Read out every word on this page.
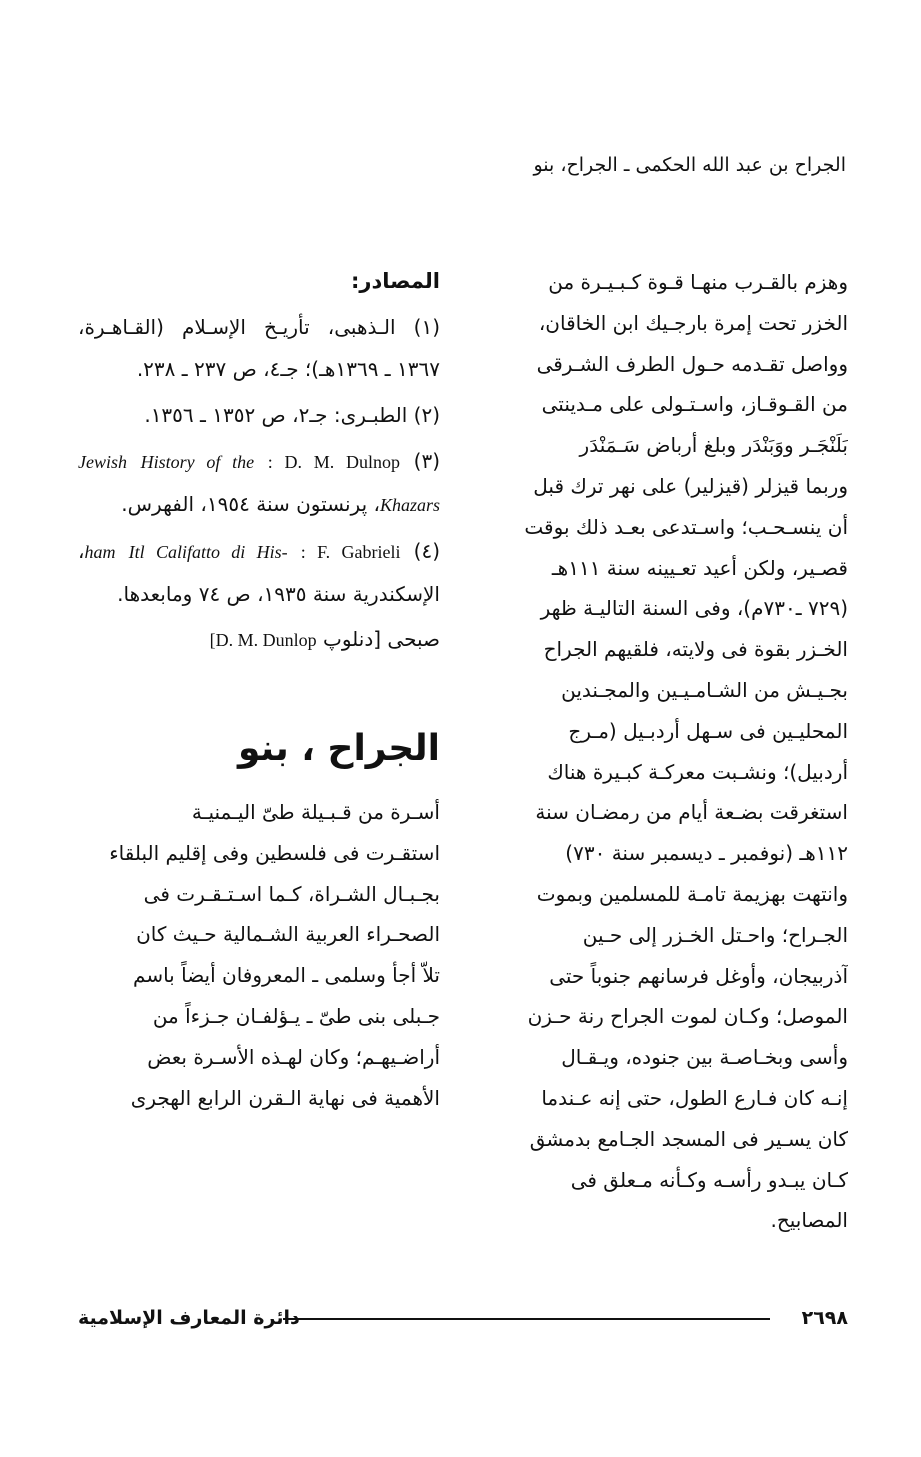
الجراح بن عبد الله الحكمى ـ الجراح، بنو
وهزم بالقـرب منهـا قـوة كـبـيـرة من
الخزر تحت إمرة بارجـيك ابن الخاقان،
وواصل تقـدمه حـول الطرف الشـرقى
من القـوقـاز، واسـتـولى على مـدينتى
بَلَنْجَـر ووَبَنْدَر وبلغ أرباض سَـمَنْدَر
وربما قيزلر (قيزلير) على نهر ترك قبل
أن ينسـحـب؛ واسـتدعى بعـد ذلك بوقت
قصـير، ولكن أعيد تعـيينه سنة ١١١هـ
(٧٢٩ ـ٧٣٠م)، وفى السنة التاليـة ظهر
الخـزر بقوة فى ولايته، فلقيهم الجراح
بجـيـش من الشـامـيـين والمجـندين
المحليـين فى سـهل أردبـيل (مـرج
أردبيل)؛ ونشـبت معركـة كبـيرة هناك
استغرقت بضـعة أيام من رمضـان سنة
١١٢هـ (نوفمبر ـ ديسمبر سنة ٧٣٠)
وانتهت بهزيمة تامـة للمسلمين وبموت
الجـراح؛ واحـتل الخـزر إلى حـين
آذربيجان، وأوغل فرسانهم جنوباً حتى
الموصل؛ وكـان لموت الجراح رنة حـزن
وأسى وبخـاصـة بين جنوده، ويـقـال
إنـه كان فـارع الطول، حتى إنه عـندما
كان يسـير فى المسجد الجـامع بدمشق
كـان يبـدو رأسـه وكـأنه مـعلق فى
المصابيح.
المصادر:
(١) الـذهبى، تأريـخ الإسـلام (القـاهـرة، ١٣٦٧ ـ ١٣٦٩هـ)؛ جـ٤، ص ٢٣٧ ـ ٢٣٨.
(٢) الطبـرى: جـ٢، ص ١٣٥٢ ـ ١٣٥٦.
(٣) : D. M. Dulnop History of the Jewish Khazars، پرنستون سنة ١٩٥٤، الفهرس.
(٤) : F. Gabrieli Itl Califatto di His- ham، الإسكندرية سنة ١٩٣٥، ص ٧٤ ومابعدها.
صبحى [دنلوپ [D. M. Dunlop
الجراح ، بنو
أسـرة من قـبـيلة طىّ اليـمنيـة
استقـرت فى فلسطين وفى إقليم البلقاء
بجـبـال الشـراة، كـما اسـتـقـرت فى
الصحـراء العربية الشـمالية حـيث كان
تلاّ أجأ وسلمى ـ المعروفان أيضاً باسم
جـبلى بنى طىّ ـ يـؤلفـان جـزءاً من
أراضـيهـم؛ وكان لهـذه الأسـرة بعض
الأهمية فى نهاية الـقرن الرابع الهجرى
٢٦٩٨
دائرة المعارف الإسلامية
